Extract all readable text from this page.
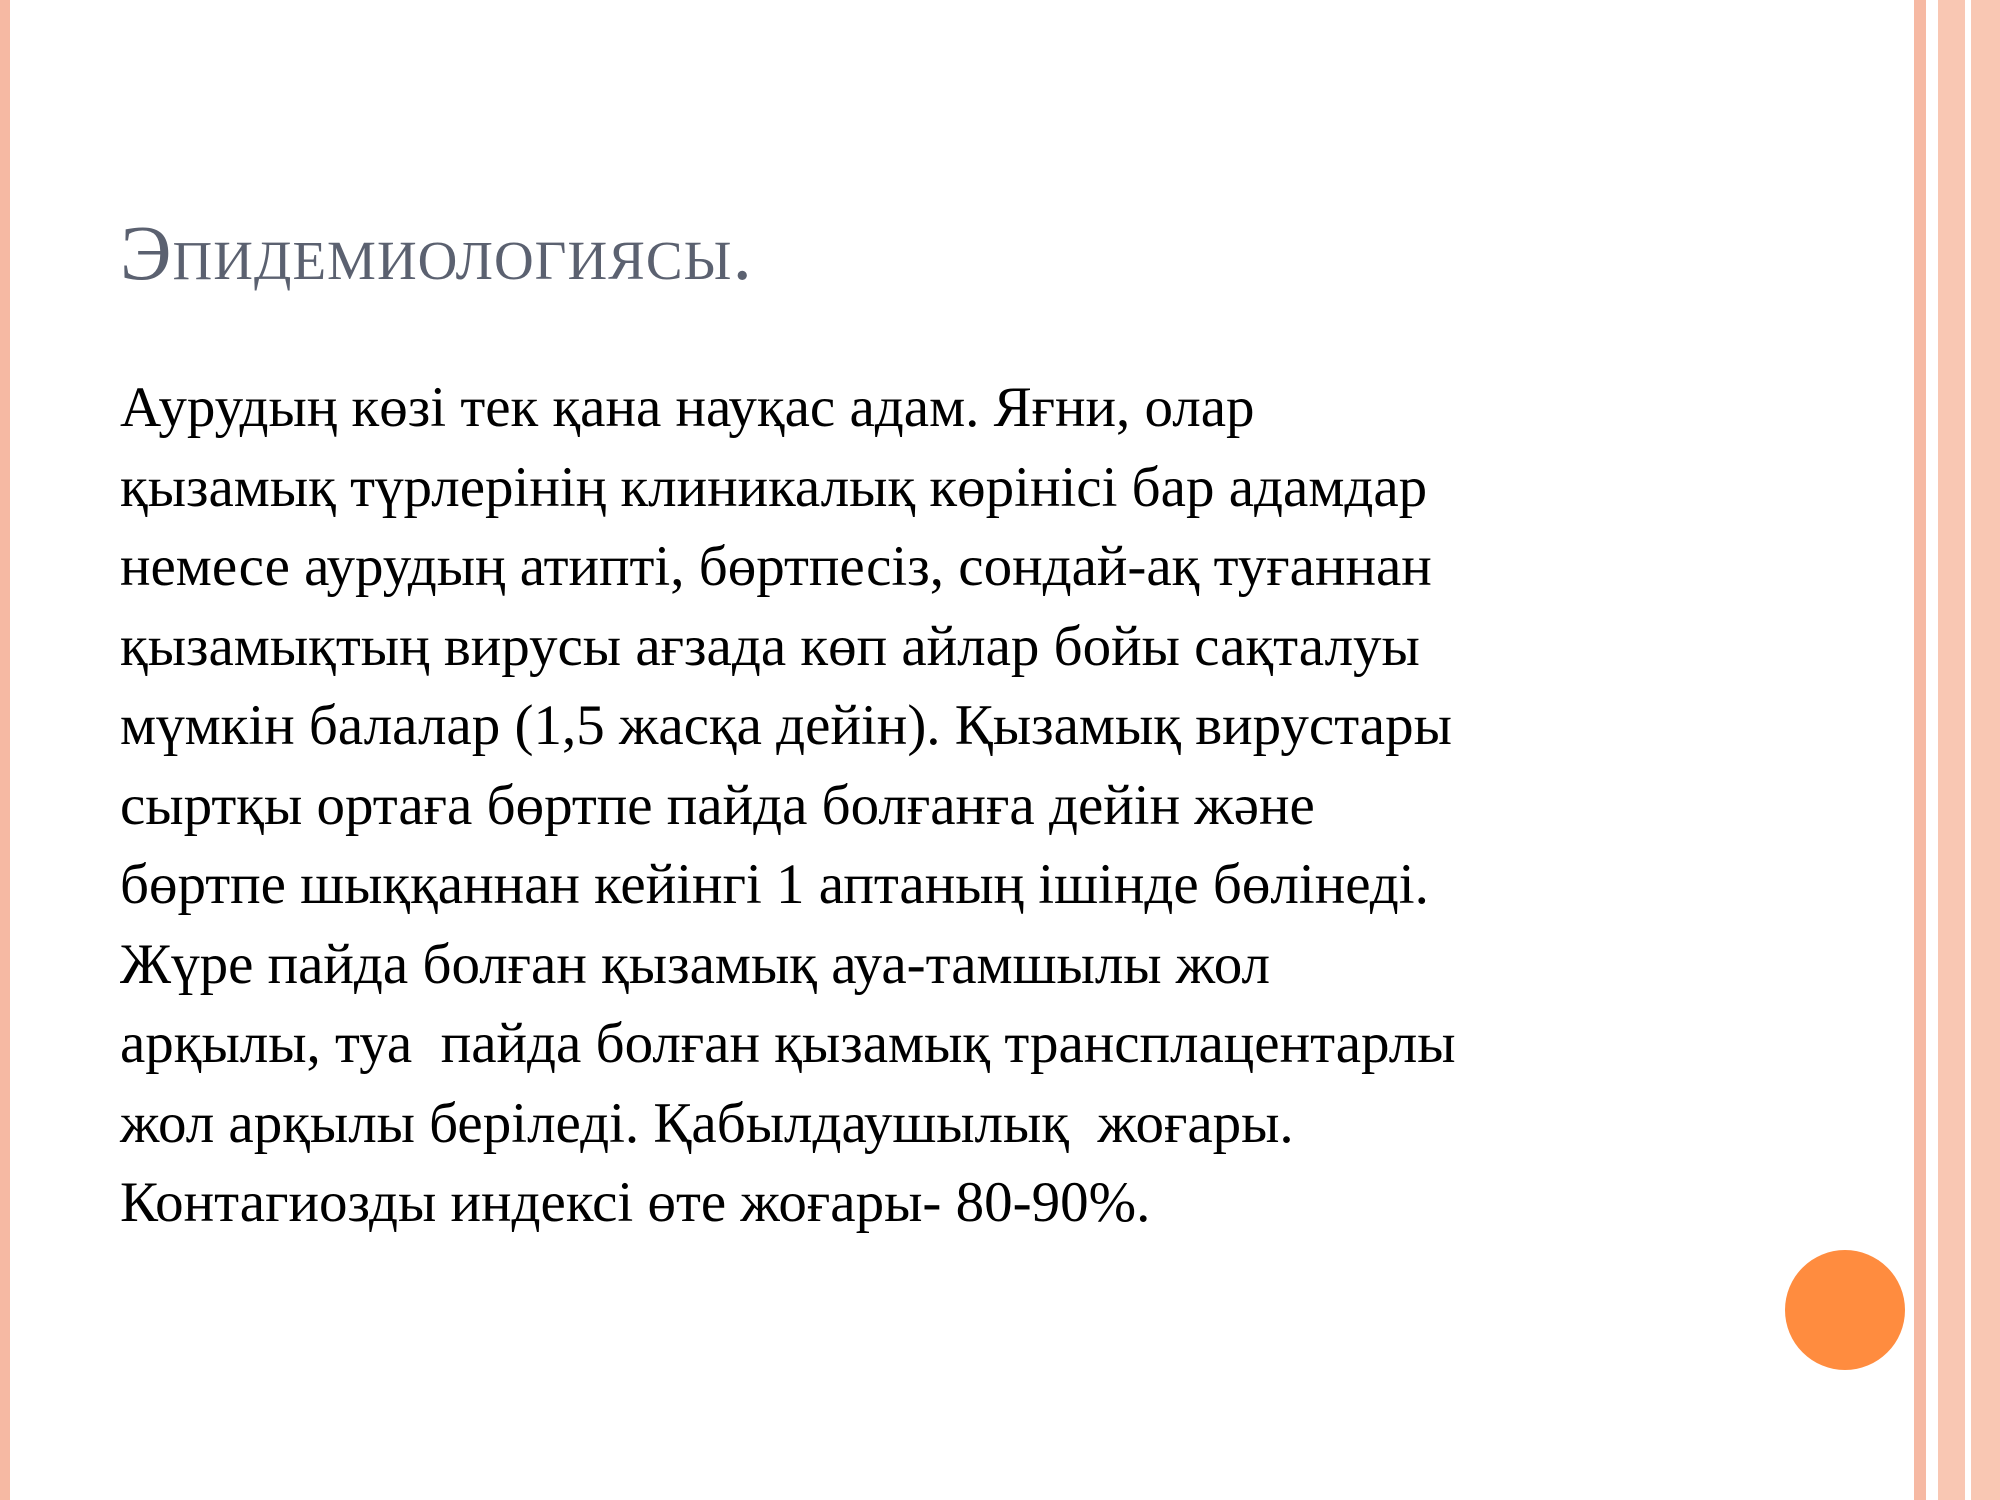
Эпидемиологиясы.
Аурудың көзі тек қана науқас адам. Яғни, олар
қызамық түрлерінің клиникалық көрінісі бар адамдар
немесе аурудың атипті, бөртпесіз, сондай-ақ туғаннан
қызамықтың вирусы ағзада көп айлар бойы сақталуы
мүмкін балалар (1,5 жасқа дейін). Қызамық вирустары
сыртқы ортаға бөртпе пайда болғанға дейін және
бөртпе шыққаннан кейінгі 1 аптаның ішінде бөлінеді.
Жүре пайда болған қызамық ауа-тамшылы жол
арқылы, туа  пайда болған қызамық трансплацентарлы
жол арқылы беріледі. Қабылдаушылық  жоғары.
Контагиозды индексі өте жоғары- 80-90%.
